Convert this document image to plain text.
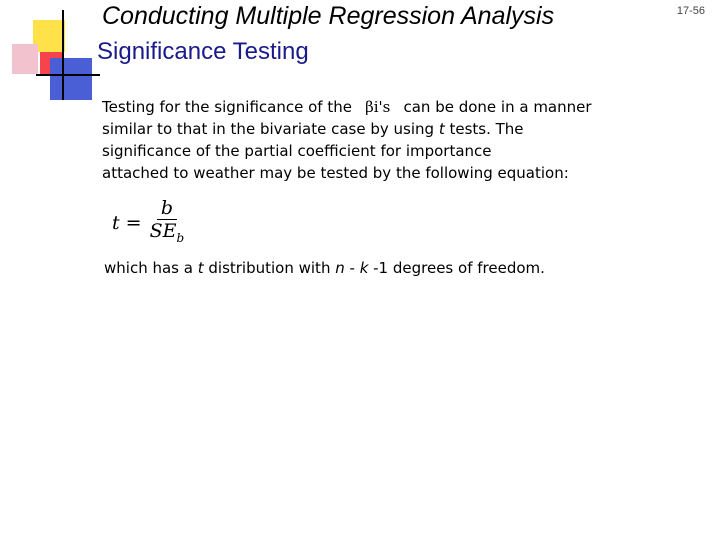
Conducting Multiple Regression Analysis
Significance Testing
17-56

Testing for the significance of the βi's can be done in a manner

similar to that in the bivariate case by using t tests. The

significance of the partial coefficient for importance

attached to weather may be tested by the following equation:

$t = \frac{b}{SE_b}$

which has a t distribution with n - k -1 degrees of freedom.
